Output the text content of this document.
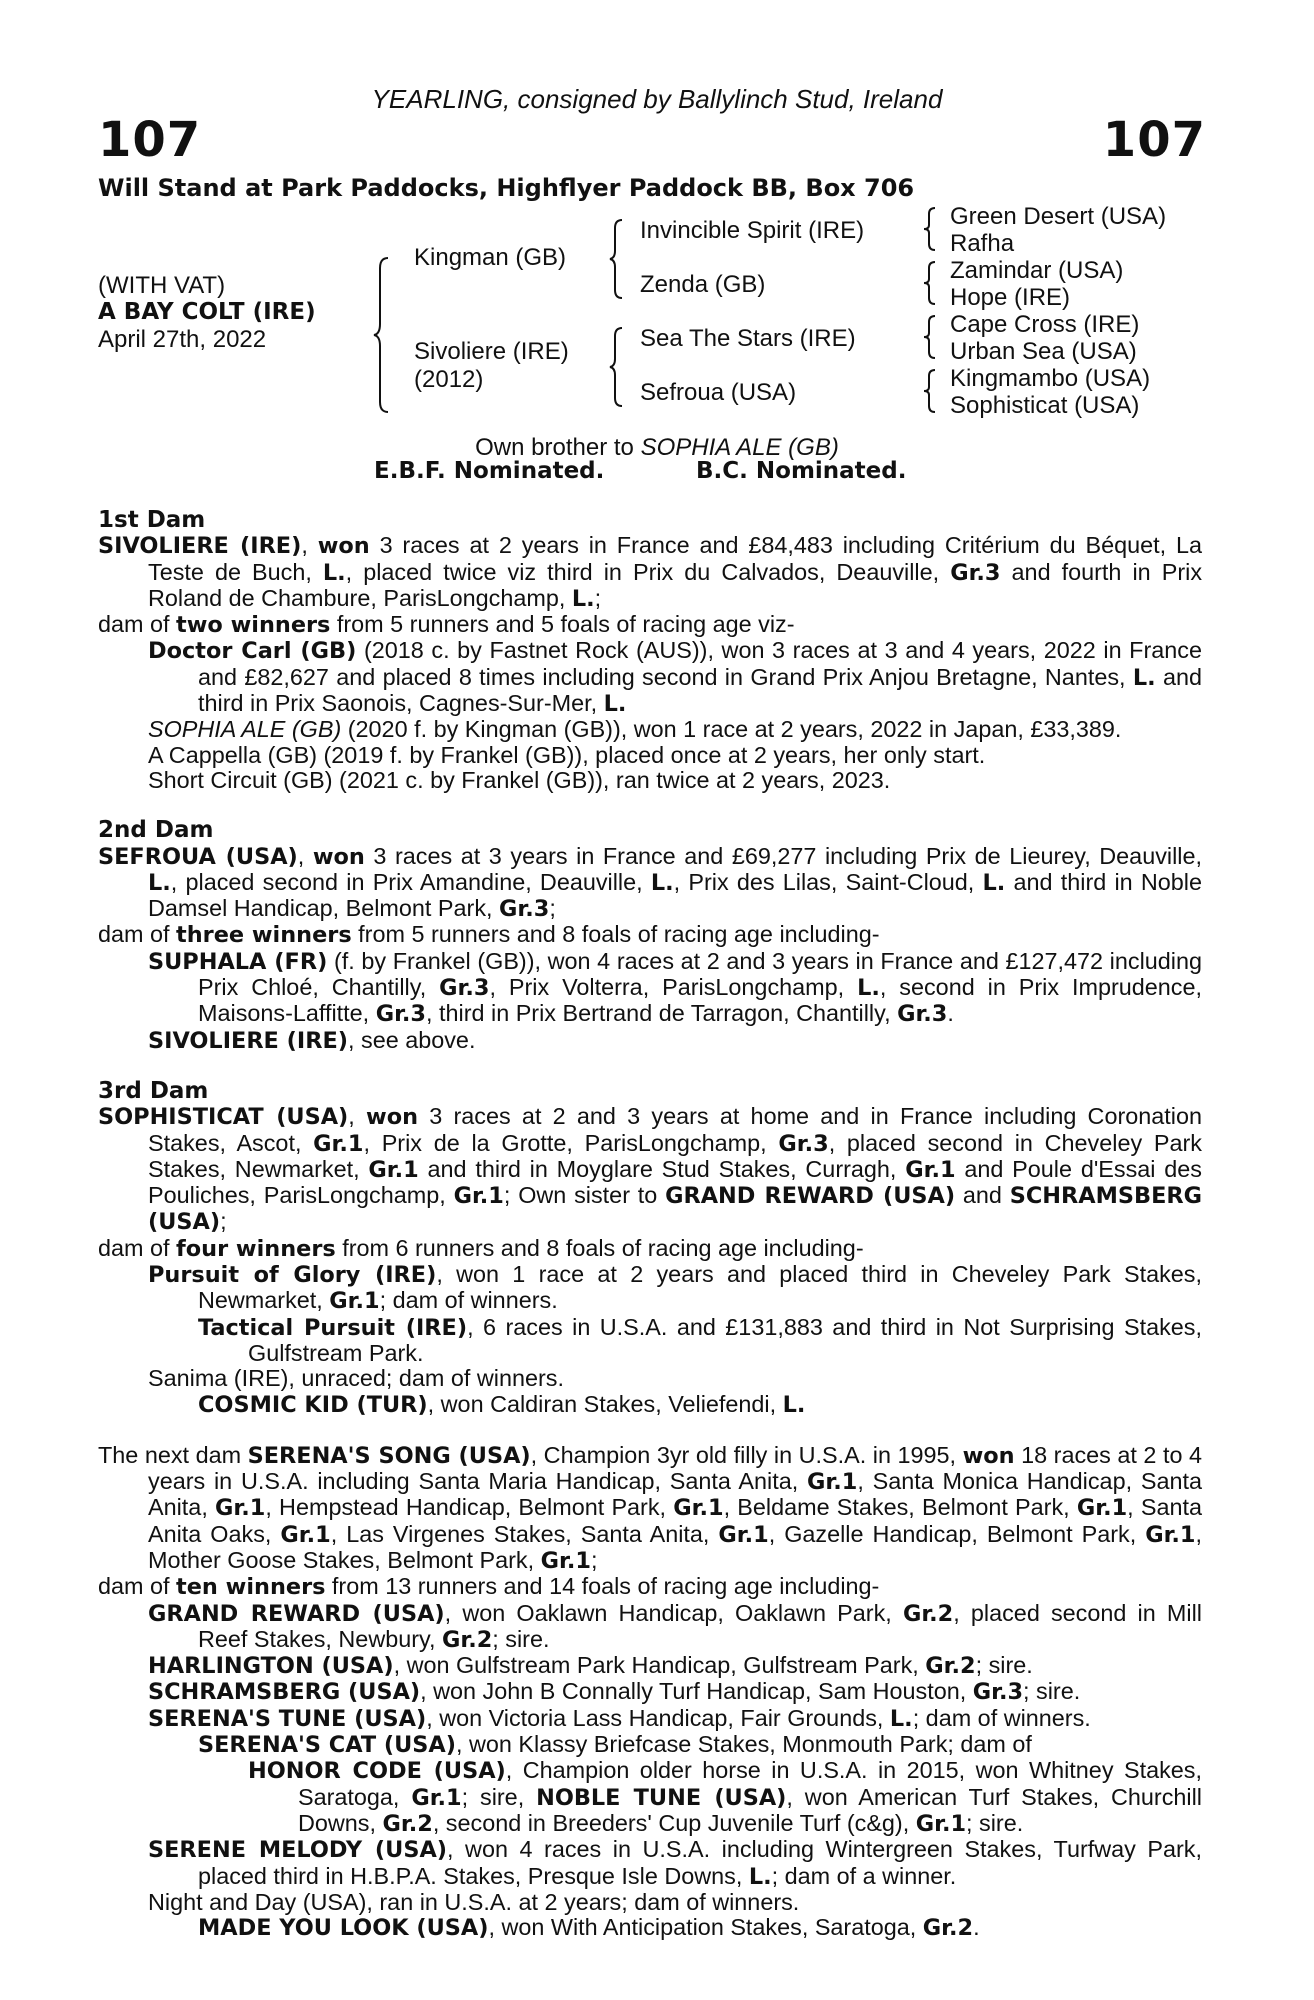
YEARLING, consigned by Ballylinch Stud, Ireland
107	107
Will Stand at Park Paddocks, Highflyer Paddock BB, Box 706
(WITH VAT)
A BAY COLT (IRE)
April 27th, 2022
Kingman (GB)
Sivoliere (IRE)
(2012)
Invincible Spirit (IRE)
Zenda (GB)
Sea The Stars (IRE)
Sefroua (USA)
Green Desert (USA)
Rafha
Zamindar (USA)
Hope (IRE)
Cape Cross (IRE)
Urban Sea (USA)
Kingmambo (USA)
Sophisticat (USA)
Own brother to SOPHIA ALE (GB)
E.B.F. Nominated.	B.C. Nominated.
1st Dam
SIVOLIERE (IRE), won 3 races at 2 years in France and £84,483 including Critérium du Béquet, La Teste de Buch, L., placed twice viz third in Prix du Calvados, Deauville, Gr.3 and fourth in Prix Roland de Chambure, ParisLongchamp, L.;
dam of two winners from 5 runners and 5 foals of racing age viz-
Doctor Carl (GB) (2018 c. by Fastnet Rock (AUS)), won 3 races at 3 and 4 years, 2022 in France and £82,627 and placed 8 times including second in Grand Prix Anjou Bretagne, Nantes, L. and third in Prix Saonois, Cagnes-Sur-Mer, L.
SOPHIA ALE (GB) (2020 f. by Kingman (GB)), won 1 race at 2 years, 2022 in Japan, £33,389.
A Cappella (GB) (2019 f. by Frankel (GB)), placed once at 2 years, her only start.
Short Circuit (GB) (2021 c. by Frankel (GB)), ran twice at 2 years, 2023.
2nd Dam
SEFROUA (USA), won 3 races at 3 years in France and £69,277 including Prix de Lieurey, Deauville, L., placed second in Prix Amandine, Deauville, L., Prix des Lilas, Saint-Cloud, L. and third in Noble Damsel Handicap, Belmont Park, Gr.3;
dam of three winners from 5 runners and 8 foals of racing age including-
SUPHALA (FR) (f. by Frankel (GB)), won 4 races at 2 and 3 years in France and £127,472 including Prix Chloé, Chantilly, Gr.3, Prix Volterra, ParisLongchamp, L., second in Prix Imprudence, Maisons-Laffitte, Gr.3, third in Prix Bertrand de Tarragon, Chantilly, Gr.3.
SIVOLIERE (IRE), see above.
3rd Dam
SOPHISTICAT (USA), won 3 races at 2 and 3 years at home and in France including Coronation Stakes, Ascot, Gr.1, Prix de la Grotte, ParisLongchamp, Gr.3, placed second in Cheveley Park Stakes, Newmarket, Gr.1 and third in Moyglare Stud Stakes, Curragh, Gr.1 and Poule d'Essai des Pouliches, ParisLongchamp, Gr.1; Own sister to GRAND REWARD (USA) and SCHRAMSBERG (USA);
dam of four winners from 6 runners and 8 foals of racing age including-
Pursuit of Glory (IRE), won 1 race at 2 years and placed third in Cheveley Park Stakes, Newmarket, Gr.1; dam of winners.
Tactical Pursuit (IRE), 6 races in U.S.A. and £131,883 and third in Not Surprising Stakes, Gulfstream Park.
Sanima (IRE), unraced; dam of winners.
COSMIC KID (TUR), won Caldiran Stakes, Veliefendi, L.
The next dam SERENA'S SONG (USA), Champion 3yr old filly in U.S.A. in 1995, won 18 races at 2 to 4 years in U.S.A. including Santa Maria Handicap, Santa Anita, Gr.1, Santa Monica Handicap, Santa Anita, Gr.1, Hempstead Handicap, Belmont Park, Gr.1, Beldame Stakes, Belmont Park, Gr.1, Santa Anita Oaks, Gr.1, Las Virgenes Stakes, Santa Anita, Gr.1, Gazelle Handicap, Belmont Park, Gr.1, Mother Goose Stakes, Belmont Park, Gr.1;
dam of ten winners from 13 runners and 14 foals of racing age including-
GRAND REWARD (USA), won Oaklawn Handicap, Oaklawn Park, Gr.2, placed second in Mill Reef Stakes, Newbury, Gr.2; sire.
HARLINGTON (USA), won Gulfstream Park Handicap, Gulfstream Park, Gr.2; sire.
SCHRAMSBERG (USA), won John B Connally Turf Handicap, Sam Houston, Gr.3; sire.
SERENA'S TUNE (USA), won Victoria Lass Handicap, Fair Grounds, L.; dam of winners.
SERENA'S CAT (USA), won Klassy Briefcase Stakes, Monmouth Park; dam of
HONOR CODE (USA), Champion older horse in U.S.A. in 2015, won Whitney Stakes, Saratoga, Gr.1; sire, NOBLE TUNE (USA), won American Turf Stakes, Churchill Downs, Gr.2, second in Breeders' Cup Juvenile Turf (c&g), Gr.1; sire.
SERENE MELODY (USA), won 4 races in U.S.A. including Wintergreen Stakes, Turfway Park, placed third in H.B.P.A. Stakes, Presque Isle Downs, L.; dam of a winner.
Night and Day (USA), ran in U.S.A. at 2 years; dam of winners.
MADE YOU LOOK (USA), won With Anticipation Stakes, Saratoga, Gr.2.
